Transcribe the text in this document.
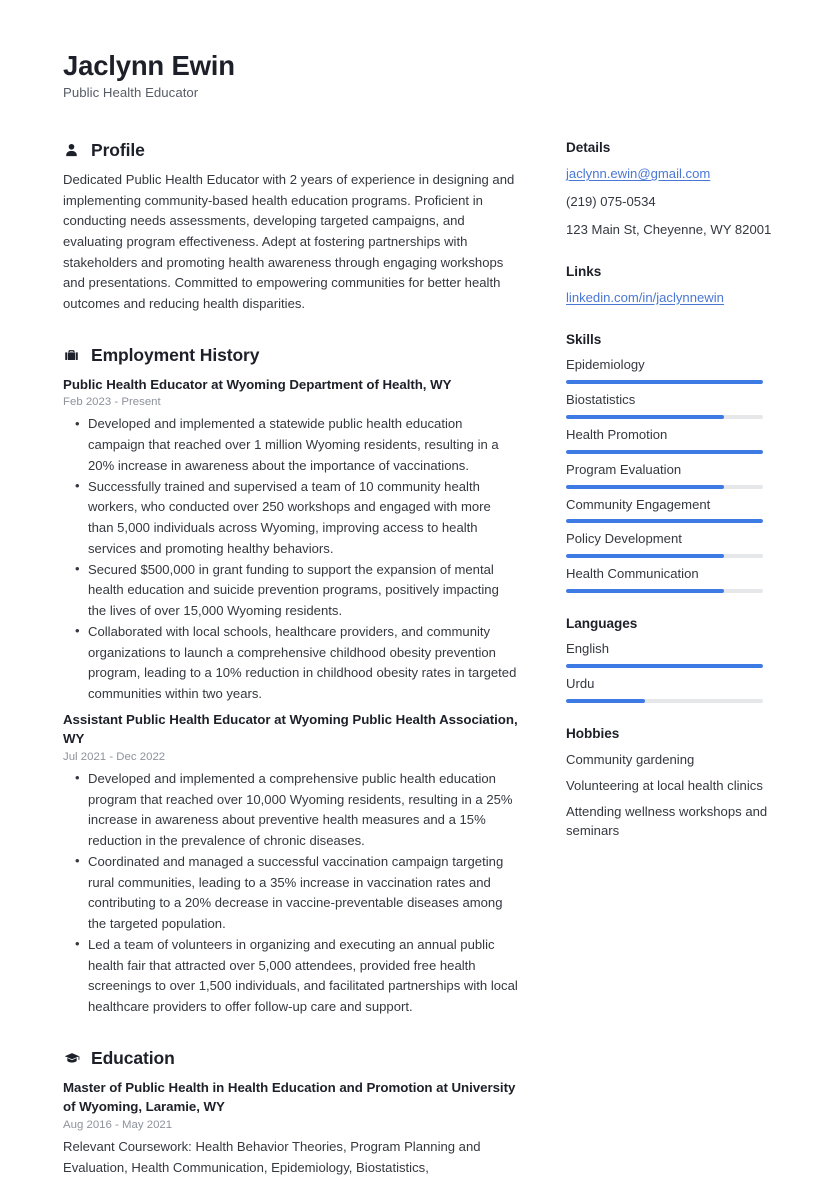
Jaclynn Ewin
Public Health Educator
Profile

Dedicated Public Health Educator with 2 years of experience in designing and implementing community-based health education programs. Proficient in conducting needs assessments, developing targeted campaigns, and evaluating program effectiveness. Adept at fostering partnerships with stakeholders and promoting health awareness through engaging workshops and presentations. Committed to empowering communities for better health outcomes and reducing health disparities.

Employment History
Public Health Educator at Wyoming Department of Health, WY
Feb 2023 - Present
• Developed and implemented a statewide public health education campaign that reached over 1 million Wyoming residents, resulting in a 20% increase in awareness about the importance of vaccinations.
• Successfully trained and supervised a team of 10 community health workers, who conducted over 250 workshops and engaged with more than 5,000 individuals across Wyoming, improving access to health services and promoting healthy behaviors.
• Secured $500,000 in grant funding to support the expansion of mental health education and suicide prevention programs, positively impacting the lives of over 15,000 Wyoming residents.
• Collaborated with local schools, healthcare providers, and community organizations to launch a comprehensive childhood obesity prevention program, leading to a 10% reduction in childhood obesity rates in targeted communities within two years.
Assistant Public Health Educator at Wyoming Public Health Association, WY
Jul 2021 - Dec 2022
• Developed and implemented a comprehensive public health education program that reached over 10,000 Wyoming residents, resulting in a 25% increase in awareness about preventive health measures and a 15% reduction in the prevalence of chronic diseases.
• Coordinated and managed a successful vaccination campaign targeting rural communities, leading to a 35% increase in vaccination rates and contributing to a 20% decrease in vaccine-preventable diseases among the targeted population.
• Led a team of volunteers in organizing and executing an annual public health fair that attracted over 5,000 attendees, provided free health screenings to over 1,500 individuals, and facilitated partnerships with local healthcare providers to offer follow-up care and support.
Education
Master of Public Health in Health Education and Promotion at University of Wyoming, Laramie, WY
Aug 2016 - May 2021
Relevant Coursework: Health Behavior Theories, Program Planning and Evaluation, Health Communication, Epidemiology, Biostatistics,
Details
jaclynn.ewin@gmail.com
(219) 075-0534
123 Main St, Cheyenne, WY 82001
Links
linkedin.com/in/jaclynnewin
Skills
Epidemiology
Biostatistics
Health Promotion
Program Evaluation
Community Engagement
Policy Development
Health Communication
Languages
English
Urdu
Hobbies
Community gardening
Volunteering at local health clinics
Attending wellness workshops and seminars
